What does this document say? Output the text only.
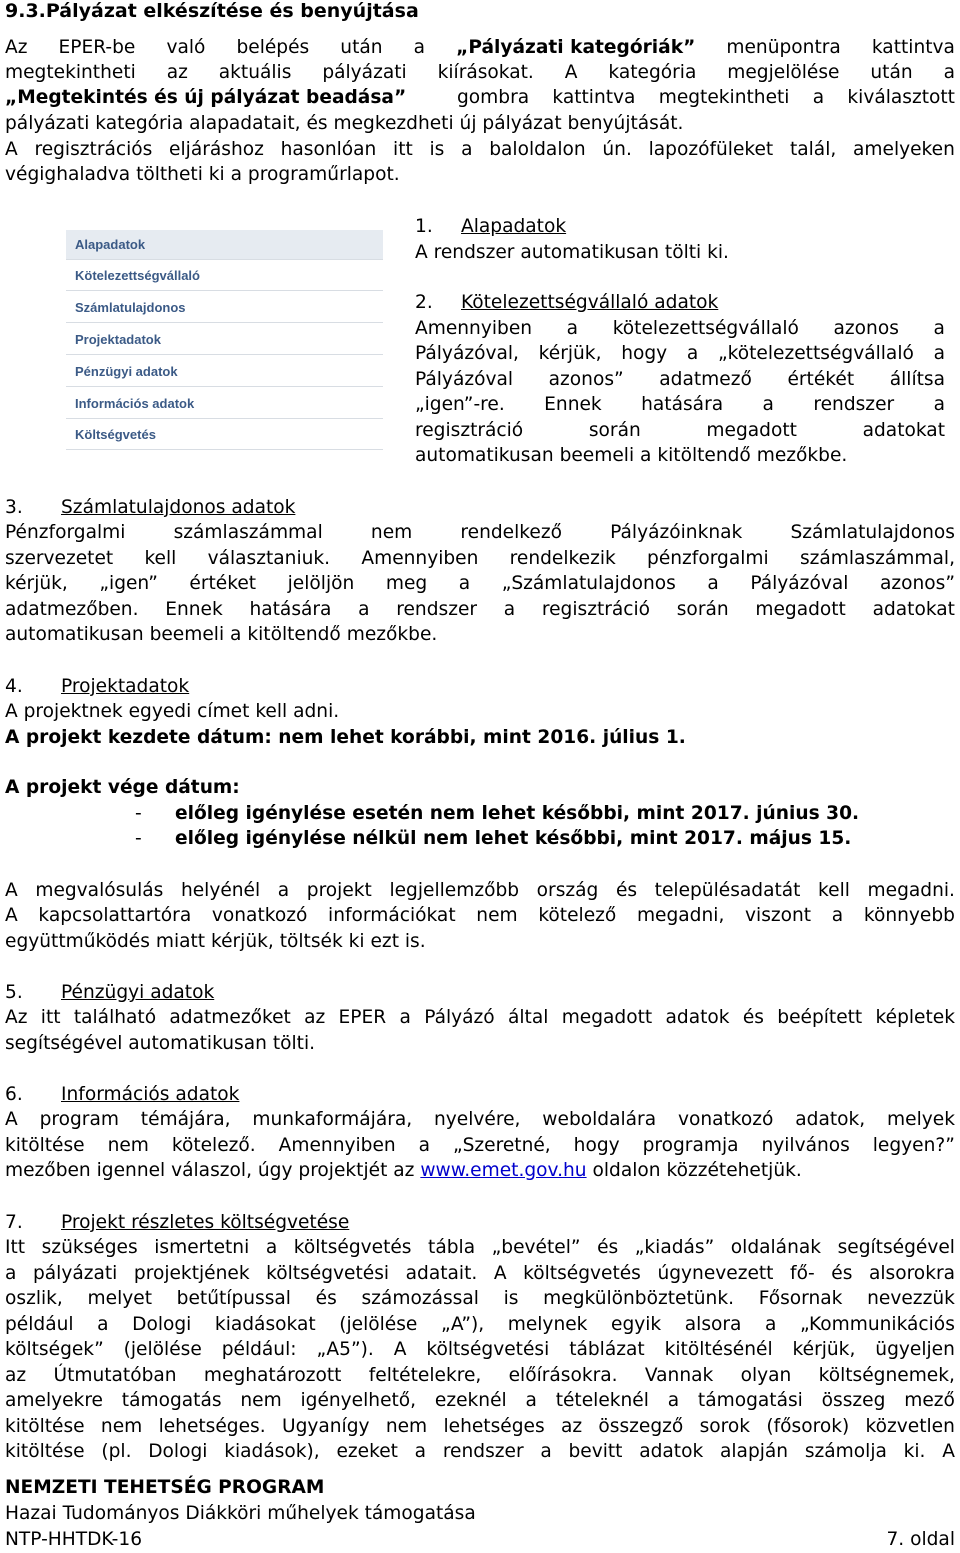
9.3.Pályázat elkészítése és benyújtása
Az EPER-be való belépés után a „Pályázati kategóriák” menüpontra kattintva
megtekintheti az aktuális pályázati kiírásokat. A kategória megjelölése után a
„Megtekintés és új pályázat beadása”	gombra kattintva megtekintheti a kiválasztott
pályázati kategória alapadatait, és megkezdheti új pályázat benyújtását.
A regisztrációs eljáráshoz hasonlóan itt is a baloldalon ún. lapozófüleket talál, amelyeken
végighaladva töltheti ki a programűrlapot.
Alapadatok
Kötelezettségvállaló
Számlatulajdonos
Projektadatok
Pénzügyi adatok
Információs adatok
Költségvetés
1. Alapadatok
A rendszer automatikusan tölti ki.
2. Kötelezettségvállaló adatok
Amennyiben a kötelezettségvállaló azonos a
Pályázóval, kérjük, hogy a „kötelezettségvállaló a
Pályázóval azonos” adatmező értékét állítsa
„igen”-re. Ennek hatására a rendszer a
regisztráció	során	megadott	adatokat
automatikusan beemeli a kitöltendő mezőkbe.
3. Számlatulajdonos adatok
Pénzforgalmi	számlaszámmal	nem	rendelkező	Pályázóinknak	Számlatulajdonos
szervezetet kell választaniuk. Amennyiben rendelkezik pénzforgalmi számlaszámmal,
kérjük, „igen” értéket jelöljön meg a „Számlatulajdonos a Pályázóval azonos”
adatmezőben. Ennek hatására a rendszer a regisztráció során megadott adatokat
automatikusan beemeli a kitöltendő mezőkbe.
4. Projektadatok
A projektnek egyedi címet kell adni.
A projekt kezdete dátum: nem lehet korábbi, mint 2016. július 1.
A projekt vége dátum:
- előleg igénylése esetén nem lehet későbbi, mint 2017. június 30.
- előleg igénylése nélkül nem lehet későbbi, mint 2017. május 15.
A megvalósulás helyénél a projekt legjellemzőbb ország és településadatát kell megadni.
A kapcsolattartóra vonatkozó információkat nem kötelező megadni, viszont a könnyebb
együttműködés miatt kérjük, töltsék ki ezt is.
5. Pénzügyi adatok
Az itt található adatmezőket az EPER a Pályázó által megadott adatok és beépített képletek
segítségével automatikusan tölti.
6. Információs adatok
A program témájára, munkaformájára, nyelvére, weboldalára vonatkozó adatok, melyek
kitöltése nem kötelező. Amennyiben a „Szeretné, hogy programja nyilvános legyen?”
mezőben igennel válaszol, úgy projektjét az www.emet.gov.hu oldalon közzétehetjük.
7. Projekt részletes költségvetése
Itt szükséges ismertetni a költségvetés tábla „bevétel” és „kiadás” oldalának segítségével
a pályázati projektjének költségvetési adatait. A költségvetés úgynevezett fő- és alsorokra
oszlik, melyet betűtípussal és számozással is megkülönböztetünk. Fősornak nevezzük
például a Dologi kiadásokat (jelölése „A”), melynek egyik alsora a „Kommunikációs
költségek” (jelölése például: „A5”). A költségvetési táblázat kitöltésénél kérjük, ügyeljen
az Útmutatóban meghatározott feltételekre, előírásokra. Vannak olyan költségnemek,
amelyekre támogatás nem igényelhető, ezeknél a tételeknél a támogatási összeg mező
kitöltése nem lehetséges. Ugyanígy nem lehetséges az összegző sorok (fősorok) közvetlen
kitöltése (pl. Dologi kiadások), ezeket a rendszer a bevitt adatok alapján számolja ki. A
NEMZETI TEHETSÉG PROGRAM
Hazai Tudományos Diákköri műhelyek támogatása
NTP-HHTDK-16	7. oldal
